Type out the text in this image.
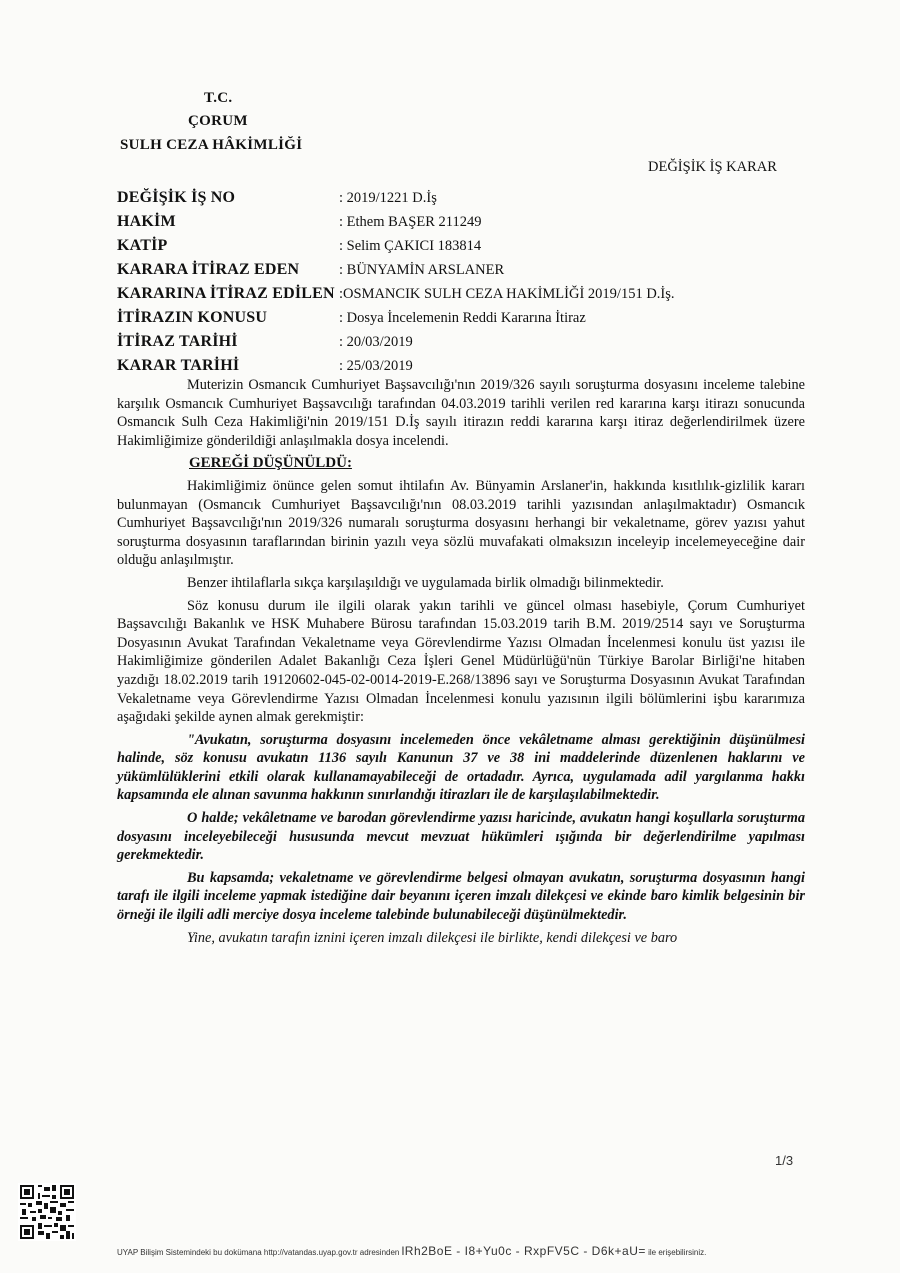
T.C.
ÇORUM
SULH CEZA HÂKİMLİĞİ
DEĞİŞİK İŞ KARAR
DEĞİŞİK İŞ NO	: 2019/1221 D.İş
HAKİM	: Ethem BAŞER 211249
KATİP	: Selim ÇAKICI 183814
KARARA İTİRAZ EDEN	: BÜNYAMİN ARSLANER
KARARINA İTİRAZ EDİLEN :OSMANCIK SULH CEZA HAKİMLİĞİ 2019/151 D.İş.
İTİRAZIN KONUSU	: Dosya İncelemenin Reddi Kararına İtiraz
İTİRAZ TARİHİ	: 20/03/2019
KARAR TARİHİ	: 25/03/2019

Muterizin Osmancık Cumhuriyet Başsavcılığı'nın 2019/326 sayılı soruşturma dosyasını inceleme talebine karşılık Osmancık Cumhuriyet Başsavcılığı tarafından 04.03.2019 tarihli verilen red kararına karşı itirazı sonucunda Osmancık Sulh Ceza Hakimliği'nin 2019/151 D.İş sayılı itirazın reddi kararına karşı itiraz değerlendirilmek üzere Hakimliğimize gönderildiği anlaşılmakla dosya incelendi.

GEREĞİ DÜŞÜNÜLDÜ:

Hakimliğimiz önünce gelen somut ihtilafın Av. Bünyamin Arslaner'in, hakkında kısıtlılık-gizlilik kararı bulunmayan (Osmancık Cumhuriyet Başsavcılığı'nın 08.03.2019 tarihli yazısından anlaşılmaktadır) Osmancık Cumhuriyet Başsavcılığı'nın 2019/326 numaralı soruşturma dosyasını herhangi bir vekaletname, görev yazısı yahut soruşturma dosyasının taraflarından birinin yazılı veya sözlü muvafakati olmaksızın inceleyip incelemeyeceğine dair olduğu anlaşılmıştır.

Benzer ihtilaflarla sıkça karşılaşıldığı ve uygulamada birlik olmadığı bilinmektedir.

Söz konusu durum ile ilgili olarak yakın tarihli ve güncel olması hasebiyle, Çorum Cumhuriyet Başsavcılığı Bakanlık ve HSK Muhabere Bürosu tarafından 15.03.2019 tarih B.M. 2019/2514 sayı ve Soruşturma Dosyasının Avukat Tarafından Vekaletname veya Görevlendirme Yazısı Olmadan İncelenmesi konulu üst yazısı ile Hakimliğimize gönderilen Adalet Bakanlığı Ceza İşleri Genel Müdürlüğü'nün Türkiye Barolar Birliği'ne hitaben yazdığı 18.02.2019 tarih 19120602-045-02-0014-2019-E.268/13896 sayı ve Soruşturma Dosyasının Avukat Tarafından Vekaletname veya Görevlendirme Yazısı Olmadan İncelenmesi konulu yazısının ilgili bölümlerini işbu kararımıza aşağıdaki şekilde aynen almak gerekmiştir:

"Avukatın, soruşturma dosyasını incelemeden önce vekâletname alması gerektiğinin düşünülmesi halinde, söz konusu avukatın 1136 sayılı Kanunun 37 ve 38 ini maddelerinde düzenlenen haklarını ve yükümlülüklerini etkili olarak kullanamayabileceği de ortadadır. Ayrıca, uygulamada adil yargılanma hakkı kapsamında ele alınan savunma hakkının sınırlandığı itirazları ile de karşılaşılabilmektedir.

O halde; vekâletname ve barodan görevlendirme yazısı haricinde, avukatın hangi koşullarla soruşturma dosyasını inceleyebileceği hususunda mevcut mevzuat hükümleri ışığında bir değerlendirilme yapılması gerekmektedir.

Bu kapsamda; vekaletname ve görevlendirme belgesi olmayan avukatın, soruşturma dosyasının hangi tarafı ile ilgili inceleme yapmak istediğine dair beyanını içeren imzalı dilekçesi ve ekinde baro kimlik belgesinin bir örneği ile ilgili adli merciye dosya inceleme talebinde bulunabileceği düşünülmektedir.

Yine, avukatın tarafın iznini içeren imzalı dilekçesi ile birlikte, kendi dilekçesi ve baro

1/3
UYAP Bilişim Sistemindeki bu dokümana http://vatandas.uyap.gov.tr adresinden lRh2BoE - I8+Yu0c - RxpFV5C - D6k+aU= ile erişebilirsiniz.
